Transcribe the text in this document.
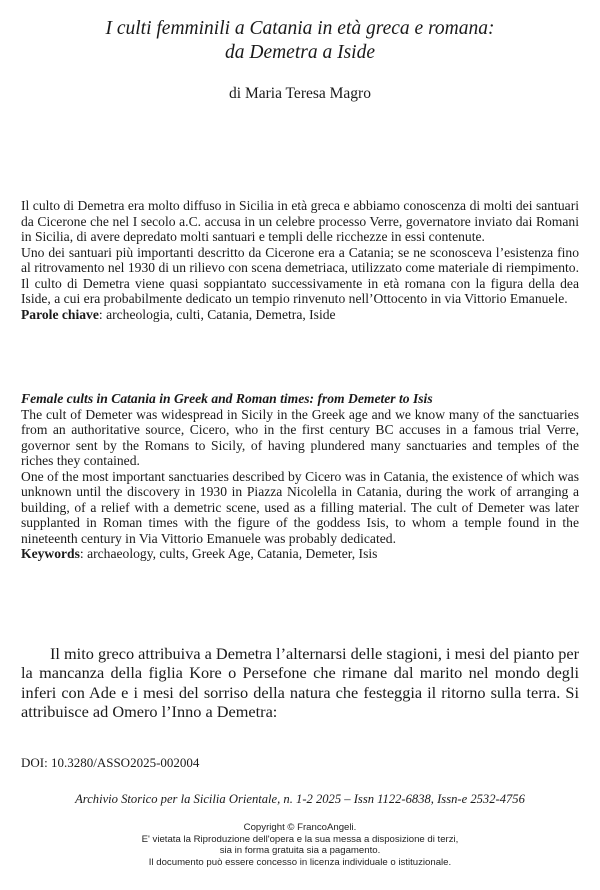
I culti femminili a Catania in età greca e romana:
da Demetra a Iside
di Maria Teresa Magro

Il culto di Demetra era molto diffuso in Sicilia in età greca e abbiamo conoscenza di molti dei santuari da Cicerone che nel I secolo a.C. accusa in un celebre processo Verre, governatore inviato dai Romani in Sicilia, di avere depredato molti santuari e templi delle ricchezze in essi contenute.

Uno dei santuari più importanti descritto da Cicerone era a Catania; se ne sconosceva l’esistenza fino al ritrovamento nel 1930 di un rilievo con scena demetriaca, utilizzato come materiale di riempimento. Il culto di Demetra viene quasi soppiantato successivamente in età romana con la figura della dea Iside, a cui era probabilmente dedicato un tempio rinvenuto nell’Ottocento in via Vittorio Emanuele.

Parole chiave: archeologia, culti, Catania, Demetra, Iside

Female cults in Catania in Greek and Roman times: from Demeter to Isis

The cult of Demeter was widespread in Sicily in the Greek age and we know many of the sanctuaries from an authoritative source, Cicero, who in the first century BC accuses in a famous trial Verre, governor sent by the Romans to Sicily, of having plundered many sanctuaries and temples of the riches they contained.

One of the most important sanctuaries described by Cicero was in Catania, the existence of which was unknown until the discovery in 1930 in Piazza Nicolella in Catania, during the work of arranging a building, of a relief with a demetric scene, used as a filling material. The cult of Demeter was later supplanted in Roman times with the figure of the goddess Isis, to whom a temple found in the nineteenth century in Via Vittorio Emanuele was probably dedicated.

Keywords: archaeology, cults, Greek Age, Catania, Demeter, Isis

Il mito greco attribuiva a Demetra l’alternarsi delle stagioni, i mesi del pianto per la mancanza della figlia Kore o Persefone che rimane dal marito nel mondo degli inferi con Ade e i mesi del sorriso della natura che festeggia il ritorno sulla terra. Si attribuisce ad Omero l’Inno a Demetra:

DOI: 10.3280/ASSO2025-002004
Archivio Storico per la Sicilia Orientale, n. 1-2 2025 – Issn 1122-6838, Issn-e 2532-4756
Copyright © FrancoAngeli.
E' vietata la Riproduzione dell'opera e la sua messa a disposizione di terzi,
sia in forma gratuita sia a pagamento.
Il documento può essere concesso in licenza individuale o istituzionale.
